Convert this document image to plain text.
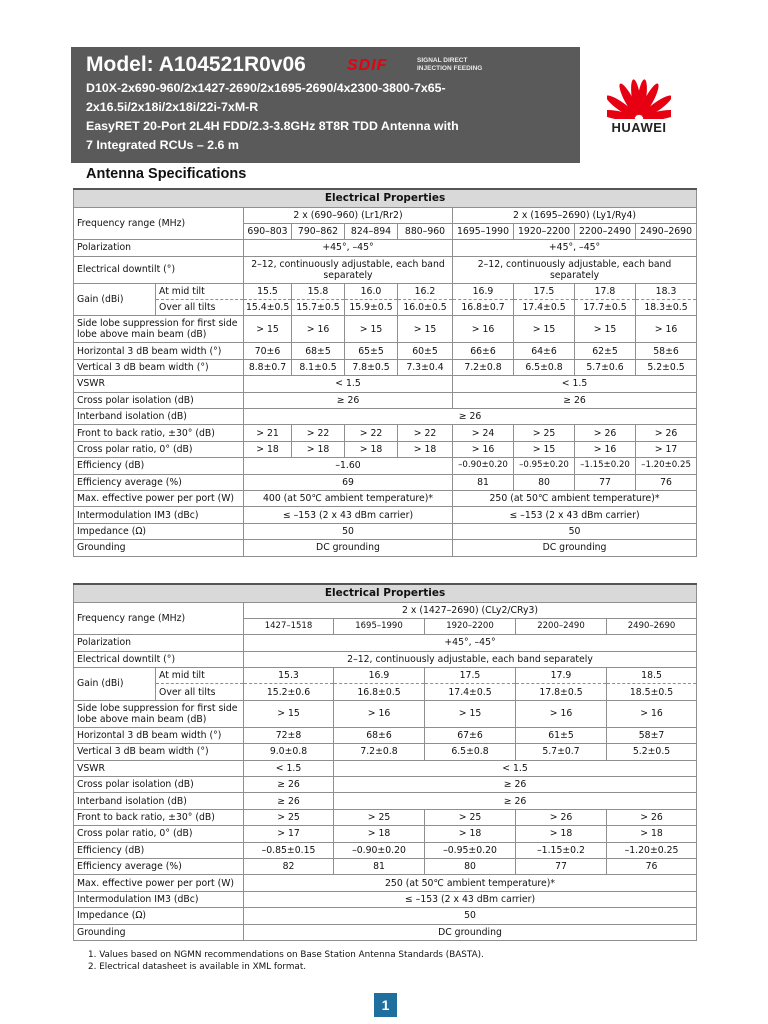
Model: A104521R0v06	SDIF	SIGNAL DIRECT
INJECTION FEEDING
D10X-2x690-960/2x1427-2690/2x1695-2690/4x2300-3800-7x65-
2x16.5i/2x18i/2x18i/22i-7xM-R
EasyRET 20-Port 2L4H FDD/2.3-3.8GHz 8T8R TDD Antenna with
7 Integrated RCUs – 2.6 m
HUAWEI
Antenna Specifications
Electrical Properties									
Frequency range (MHz)		2 x (690–960) (Lr1/Rr2)				2 x (1695–2690) (Ly1/Ry4)			
		690–803	790–862	824–894	880–960	1695–1990	1920–2200	2200–2490	2490–2690
Polarization		+45°, –45°				+45°, –45°			
Electrical downtilt (°)		2–12, continuously adjustable, each band separately				2–12, continuously adjustable, each band separately			
Gain (dBi)	At mid tilt	15.5	15.8	16.0	16.2	16.9	17.5	17.8	18.3
	Over all tilts	15.4±0.5	15.7±0.5	15.9±0.5	16.0±0.5	16.8±0.7	17.4±0.5	17.7±0.5	18.3±0.5
Side lobe suppression for first side lobe above main beam (dB)		> 15	> 16	> 15	> 15	> 16	> 15	> 15	> 16
Horizontal 3 dB beam width (°)		70±6	68±5	65±5	60±5	66±6	64±6	62±5	58±6
Vertical 3 dB beam width (°)		8.8±0.7	8.1±0.5	7.8±0.5	7.3±0.4	7.2±0.8	6.5±0.8	5.7±0.6	5.2±0.5
VSWR		< 1.5				< 1.5			
Cross polar isolation (dB)		≥ 26				≥ 26			
Interband isolation (dB)		≥ 26							
Front to back ratio, ±30° (dB)		> 21	> 22	> 22	> 22	> 24	> 25	> 26	> 26
Cross polar ratio, 0° (dB)		> 18	> 18	> 18	> 18	> 16	> 15	> 16	> 17
Efficiency (dB)		–1.60				–0.90±0.20	–0.95±0.20	–1.15±0.20	–1.20±0.25
Efficiency average (%)		69				81	80	77	76
Max. effective power per port (W)		400 (at 50℃ ambient temperature)*				250 (at 50℃ ambient temperature)*			
Intermodulation IM3 (dBc)		≤ –153 (2 x 43 dBm carrier)				≤ –153 (2 x 43 dBm carrier)			
Impedance (Ω)		50				50			
Grounding		DC grounding				DC grounding			
Electrical Properties						
Frequency range (MHz)		2 x (1427–2690) (CLy2/CRy3)				
		1427–1518	1695–1990	1920–2200	2200–2490	2490–2690
Polarization		+45°, –45°				
Electrical downtilt (°)		2–12, continuously adjustable, each band separately				
Gain (dBi)	At mid tilt	15.3	16.9	17.5	17.9	18.5
	Over all tilts	15.2±0.6	16.8±0.5	17.4±0.5	17.8±0.5	18.5±0.5
Side lobe suppression for first side lobe above main beam (dB)		> 15	> 16	> 15	> 16	> 16
Horizontal 3 dB beam width (°)		72±8	68±6	67±6	61±5	58±7
Vertical 3 dB beam width (°)		9.0±0.8	7.2±0.8	6.5±0.8	5.7±0.7	5.2±0.5
VSWR		< 1.5	< 1.5			
Cross polar isolation (dB)		≥ 26	≥ 26			
Interband isolation (dB)		≥ 26	≥ 26			
Front to back ratio, ±30° (dB)		> 25	> 25	> 25	> 26	> 26
Cross polar ratio, 0° (dB)		> 17	> 18	> 18	> 18	> 18
Efficiency (dB)		–0.85±0.15	–0.90±0.20	–0.95±0.20	–1.15±0.2	–1.20±0.25
Efficiency average (%)		82	81	80	77	76
Max. effective power per port (W)		250 (at 50℃ ambient temperature)*				
Intermodulation IM3 (dBc)		≤ –153 (2 x 43 dBm carrier)				
Impedance (Ω)		50				
Grounding		DC grounding				
1. Values based on NGMN recommendations on Base Station Antenna Standards (BASTA).
2. Electrical datasheet is available in XML format.
1
